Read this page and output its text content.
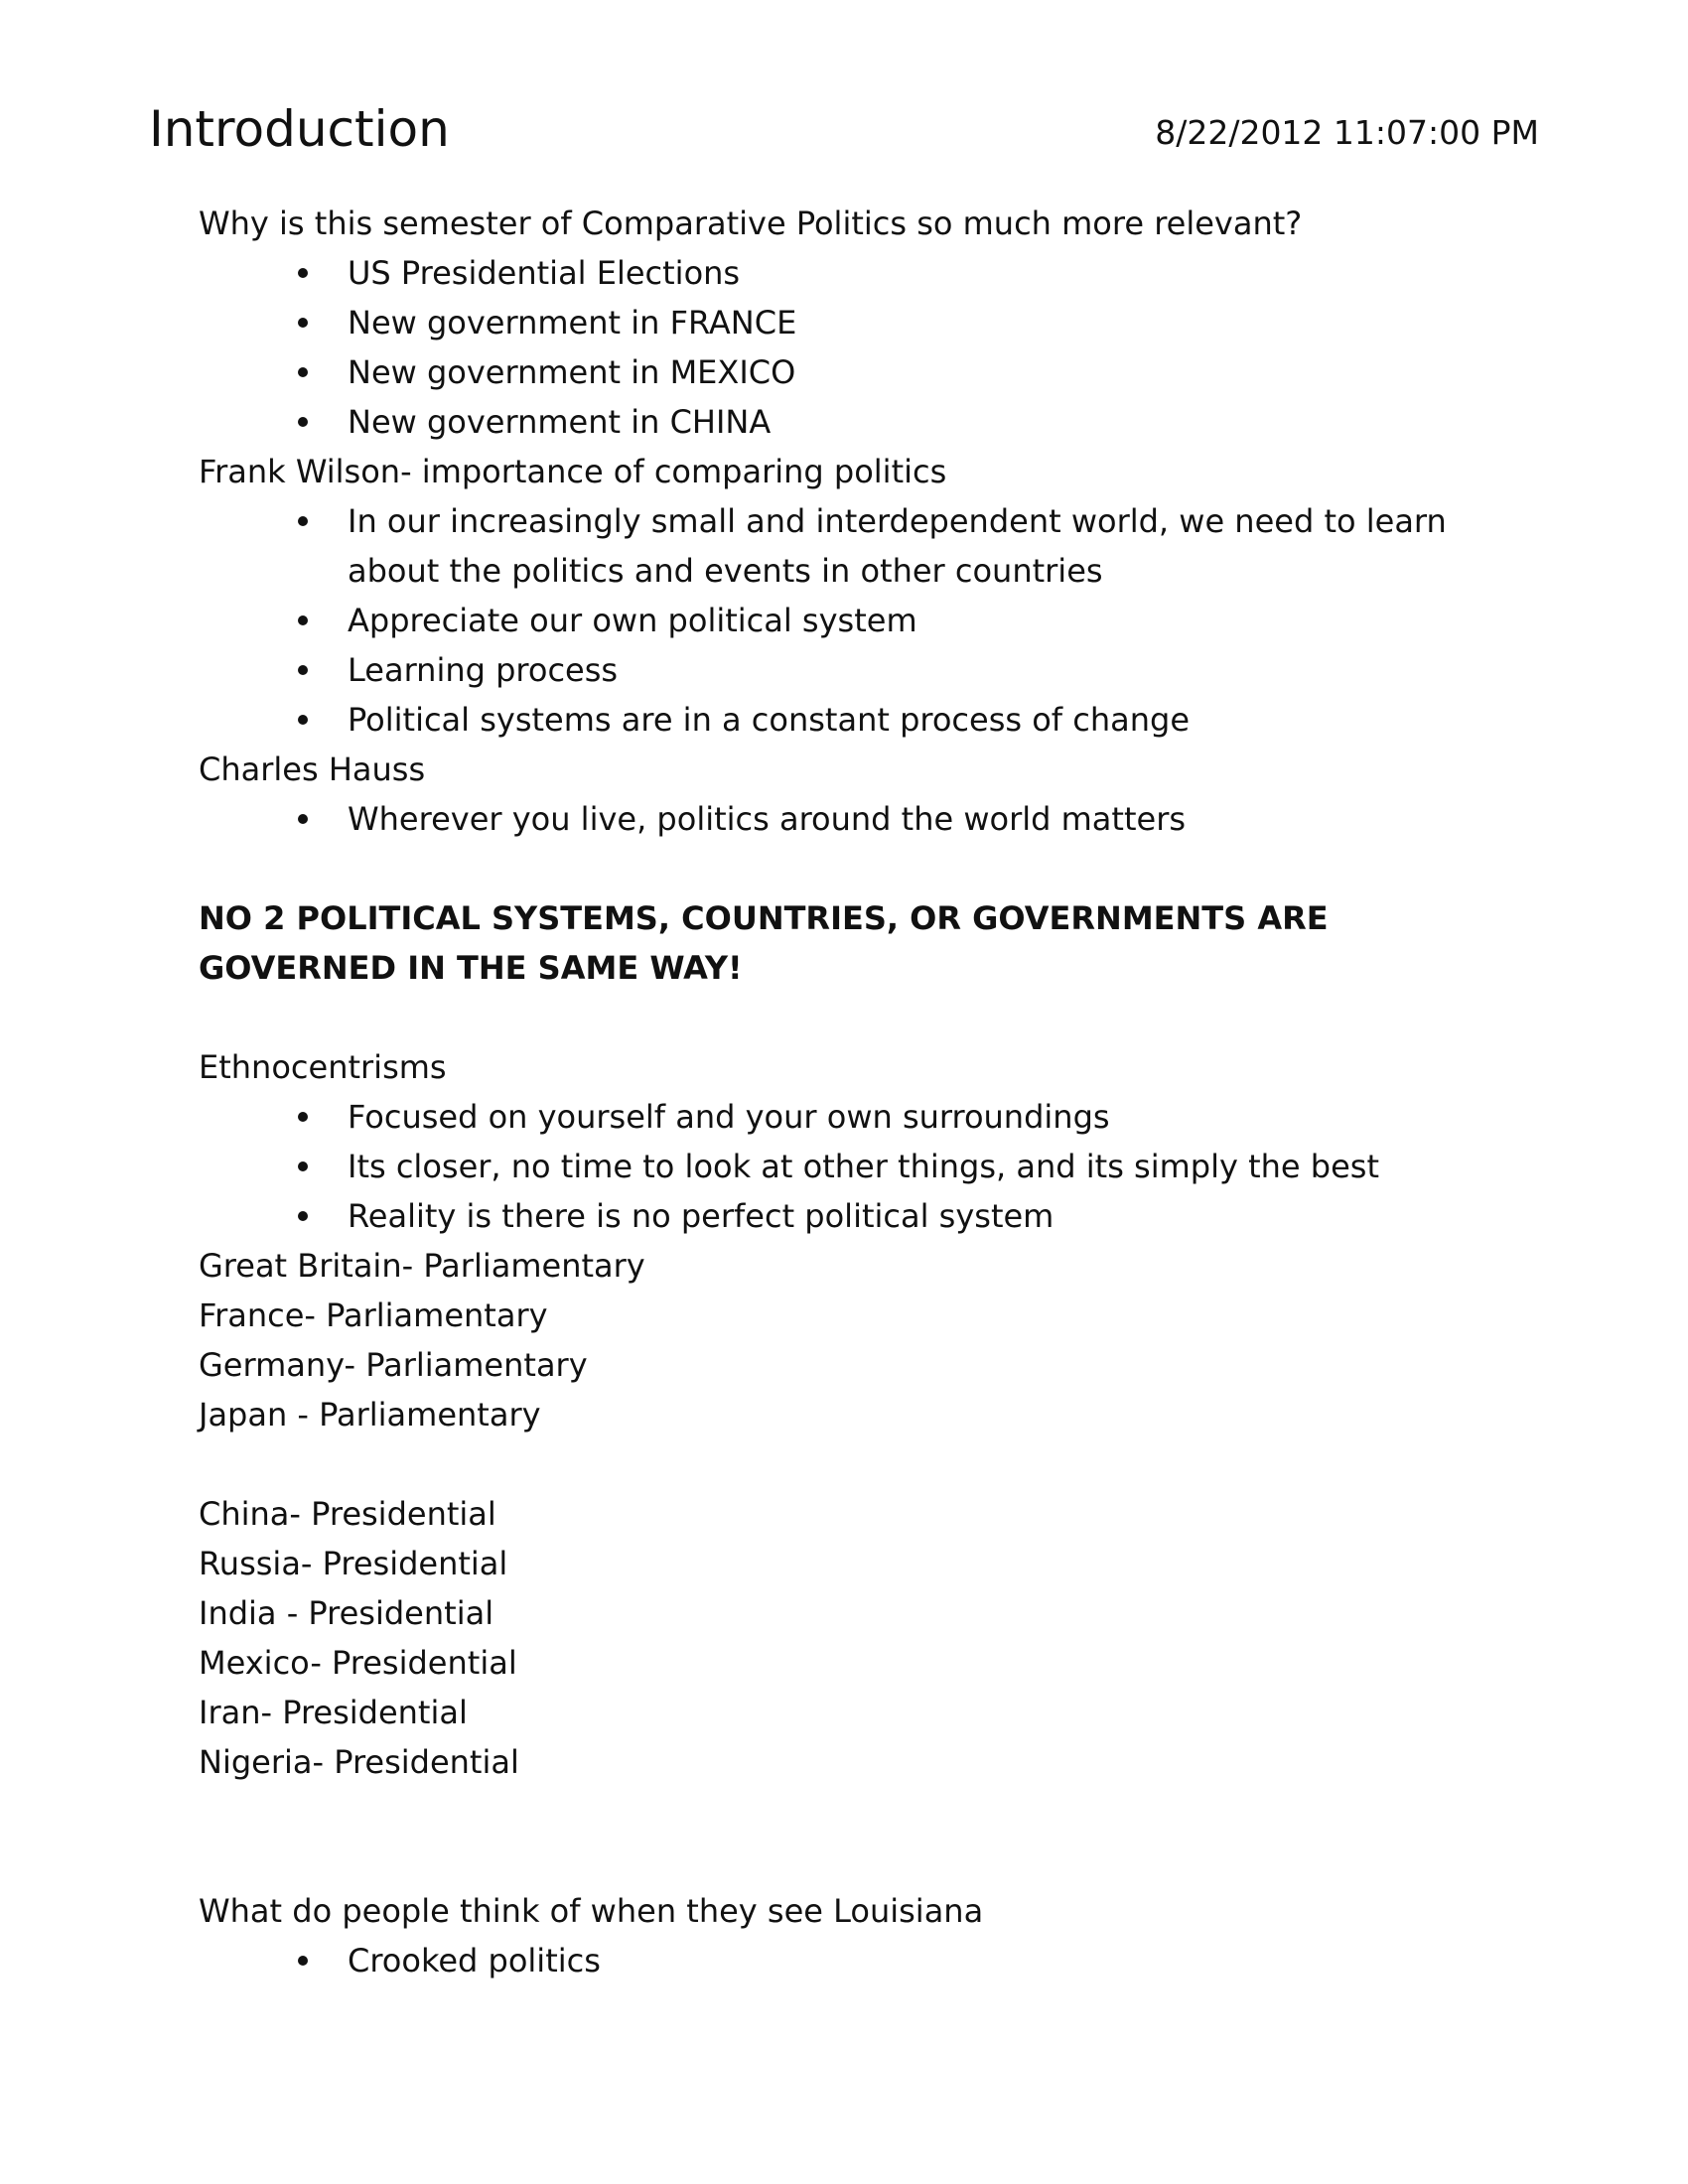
Introduction	8/22/2012 11:07:00 PM
Why is this semester of Comparative Politics so much more relevant?
US Presidential Elections
New government in FRANCE
New government in MEXICO
New government in CHINA
Frank Wilson- importance of comparing politics
In our increasingly small and interdependent world, we need to learn about the politics and events in other countries
Appreciate our own political system
Learning process
Political systems are in a constant process of change
Charles Hauss
Wherever you live, politics around the world matters
NO 2 POLITICAL SYSTEMS, COUNTRIES, OR GOVERNMENTS ARE GOVERNED IN THE SAME WAY!
Ethnocentrisms
Focused on yourself and your own surroundings
Its closer, no time to look at other things, and its simply the best
Reality is there is no perfect political system
Great Britain- Parliamentary
France- Parliamentary
Germany- Parliamentary
Japan - Parliamentary
China- Presidential
Russia- Presidential
India - Presidential
Mexico- Presidential
Iran- Presidential
Nigeria- Presidential
What do people think of when they see Louisiana
Crooked politics
